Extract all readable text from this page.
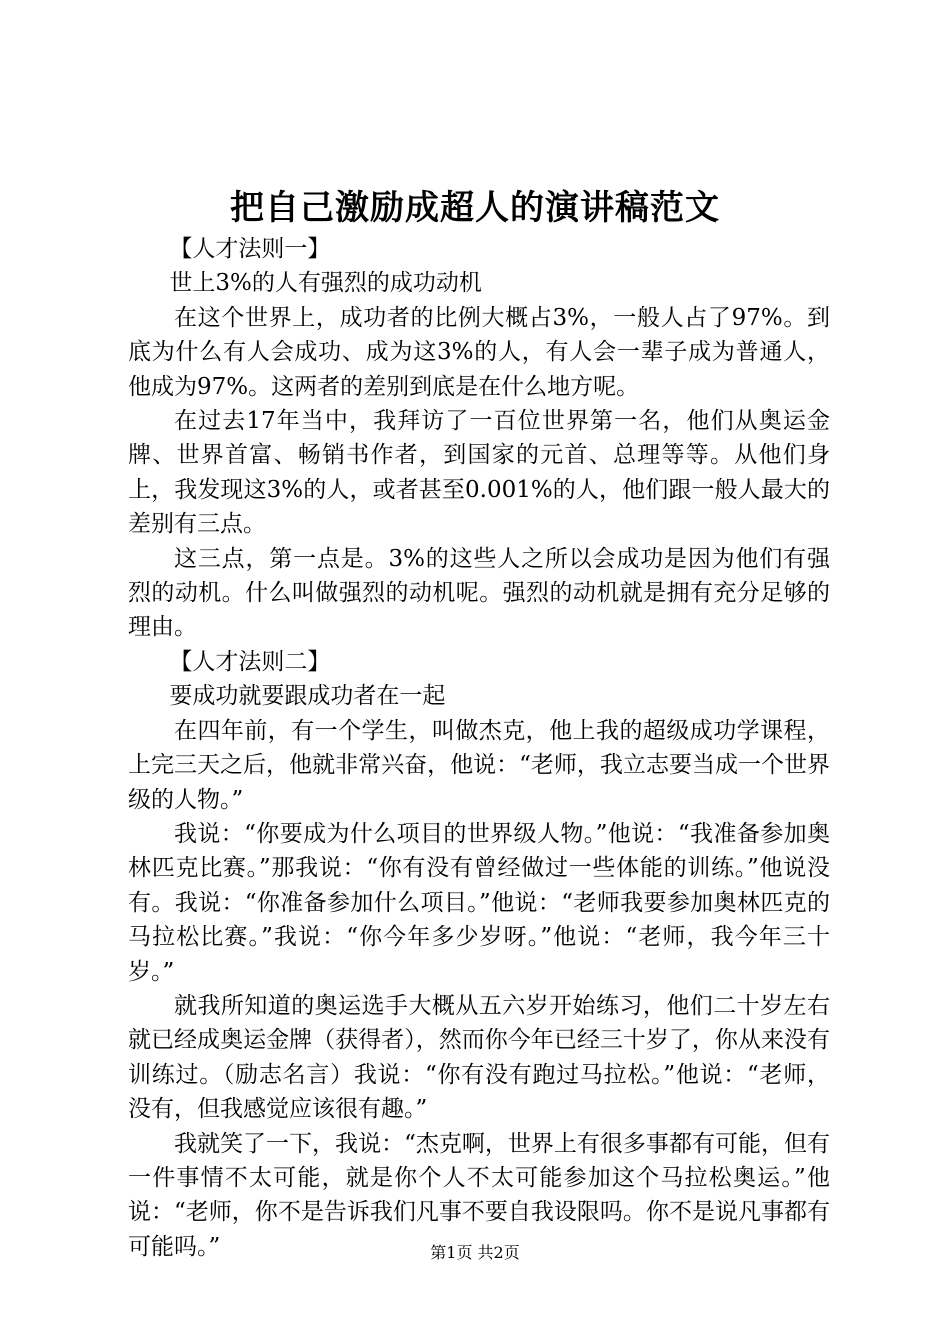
把自己激励成超人的演讲稿范文

【人才法则一】

世上3%的人有强烈的成功动机

在这个世界上，成功者的比例大概占3%，一般人占了97%。到底为什么有人会成功、成为这3%的人，有人会一辈子成为普通人，他成为97%。这两者的差别到底是在什么地方呢。

在过去17年当中，我拜访了一百位世界第一名，他们从奥运金牌、世界首富、畅销书作者，到国家的元首、总理等等。从他们身上，我发现这3%的人，或者甚至0.001%的人，他们跟一般人最大的差别有三点。

这三点，第一点是。3%的这些人之所以会成功是因为他们有强烈的动机。什么叫做强烈的动机呢。强烈的动机就是拥有充分足够的理由。

【人才法则二】

要成功就要跟成功者在一起

在四年前，有一个学生，叫做杰克，他上我的超级成功学课程，上完三天之后，他就非常兴奋，他说：“老师，我立志要当成一个世界级的人物。”

我说：“你要成为什么项目的世界级人物。”他说：“我准备参加奥林匹克比赛。”那我说：“你有没有曾经做过一些体能的训练。”他说没有。我说：“你准备参加什么项目。”他说：“老师我要参加奥林匹克的马拉松比赛。”我说：“你今年多少岁呀。”他说：“老师，我今年三十岁。”

就我所知道的奥运选手大概从五六岁开始练习，他们二十岁左右就已经成奥运金牌（获得者），然而你今年已经三十岁了，你从来没有训练过。（励志名言）我说：“你有没有跑过马拉松。”他说：“老师，没有，但我感觉应该很有趣。”

我就笑了一下，我说：“杰克啊，世界上有很多事都有可能，但有一件事情不太可能，就是你个人不太可能参加这个马拉松奥运。”他说：“老师，你不是告诉我们凡事不要自我设限吗。你不是说凡事都有可能吗。”	第1页 共2页
